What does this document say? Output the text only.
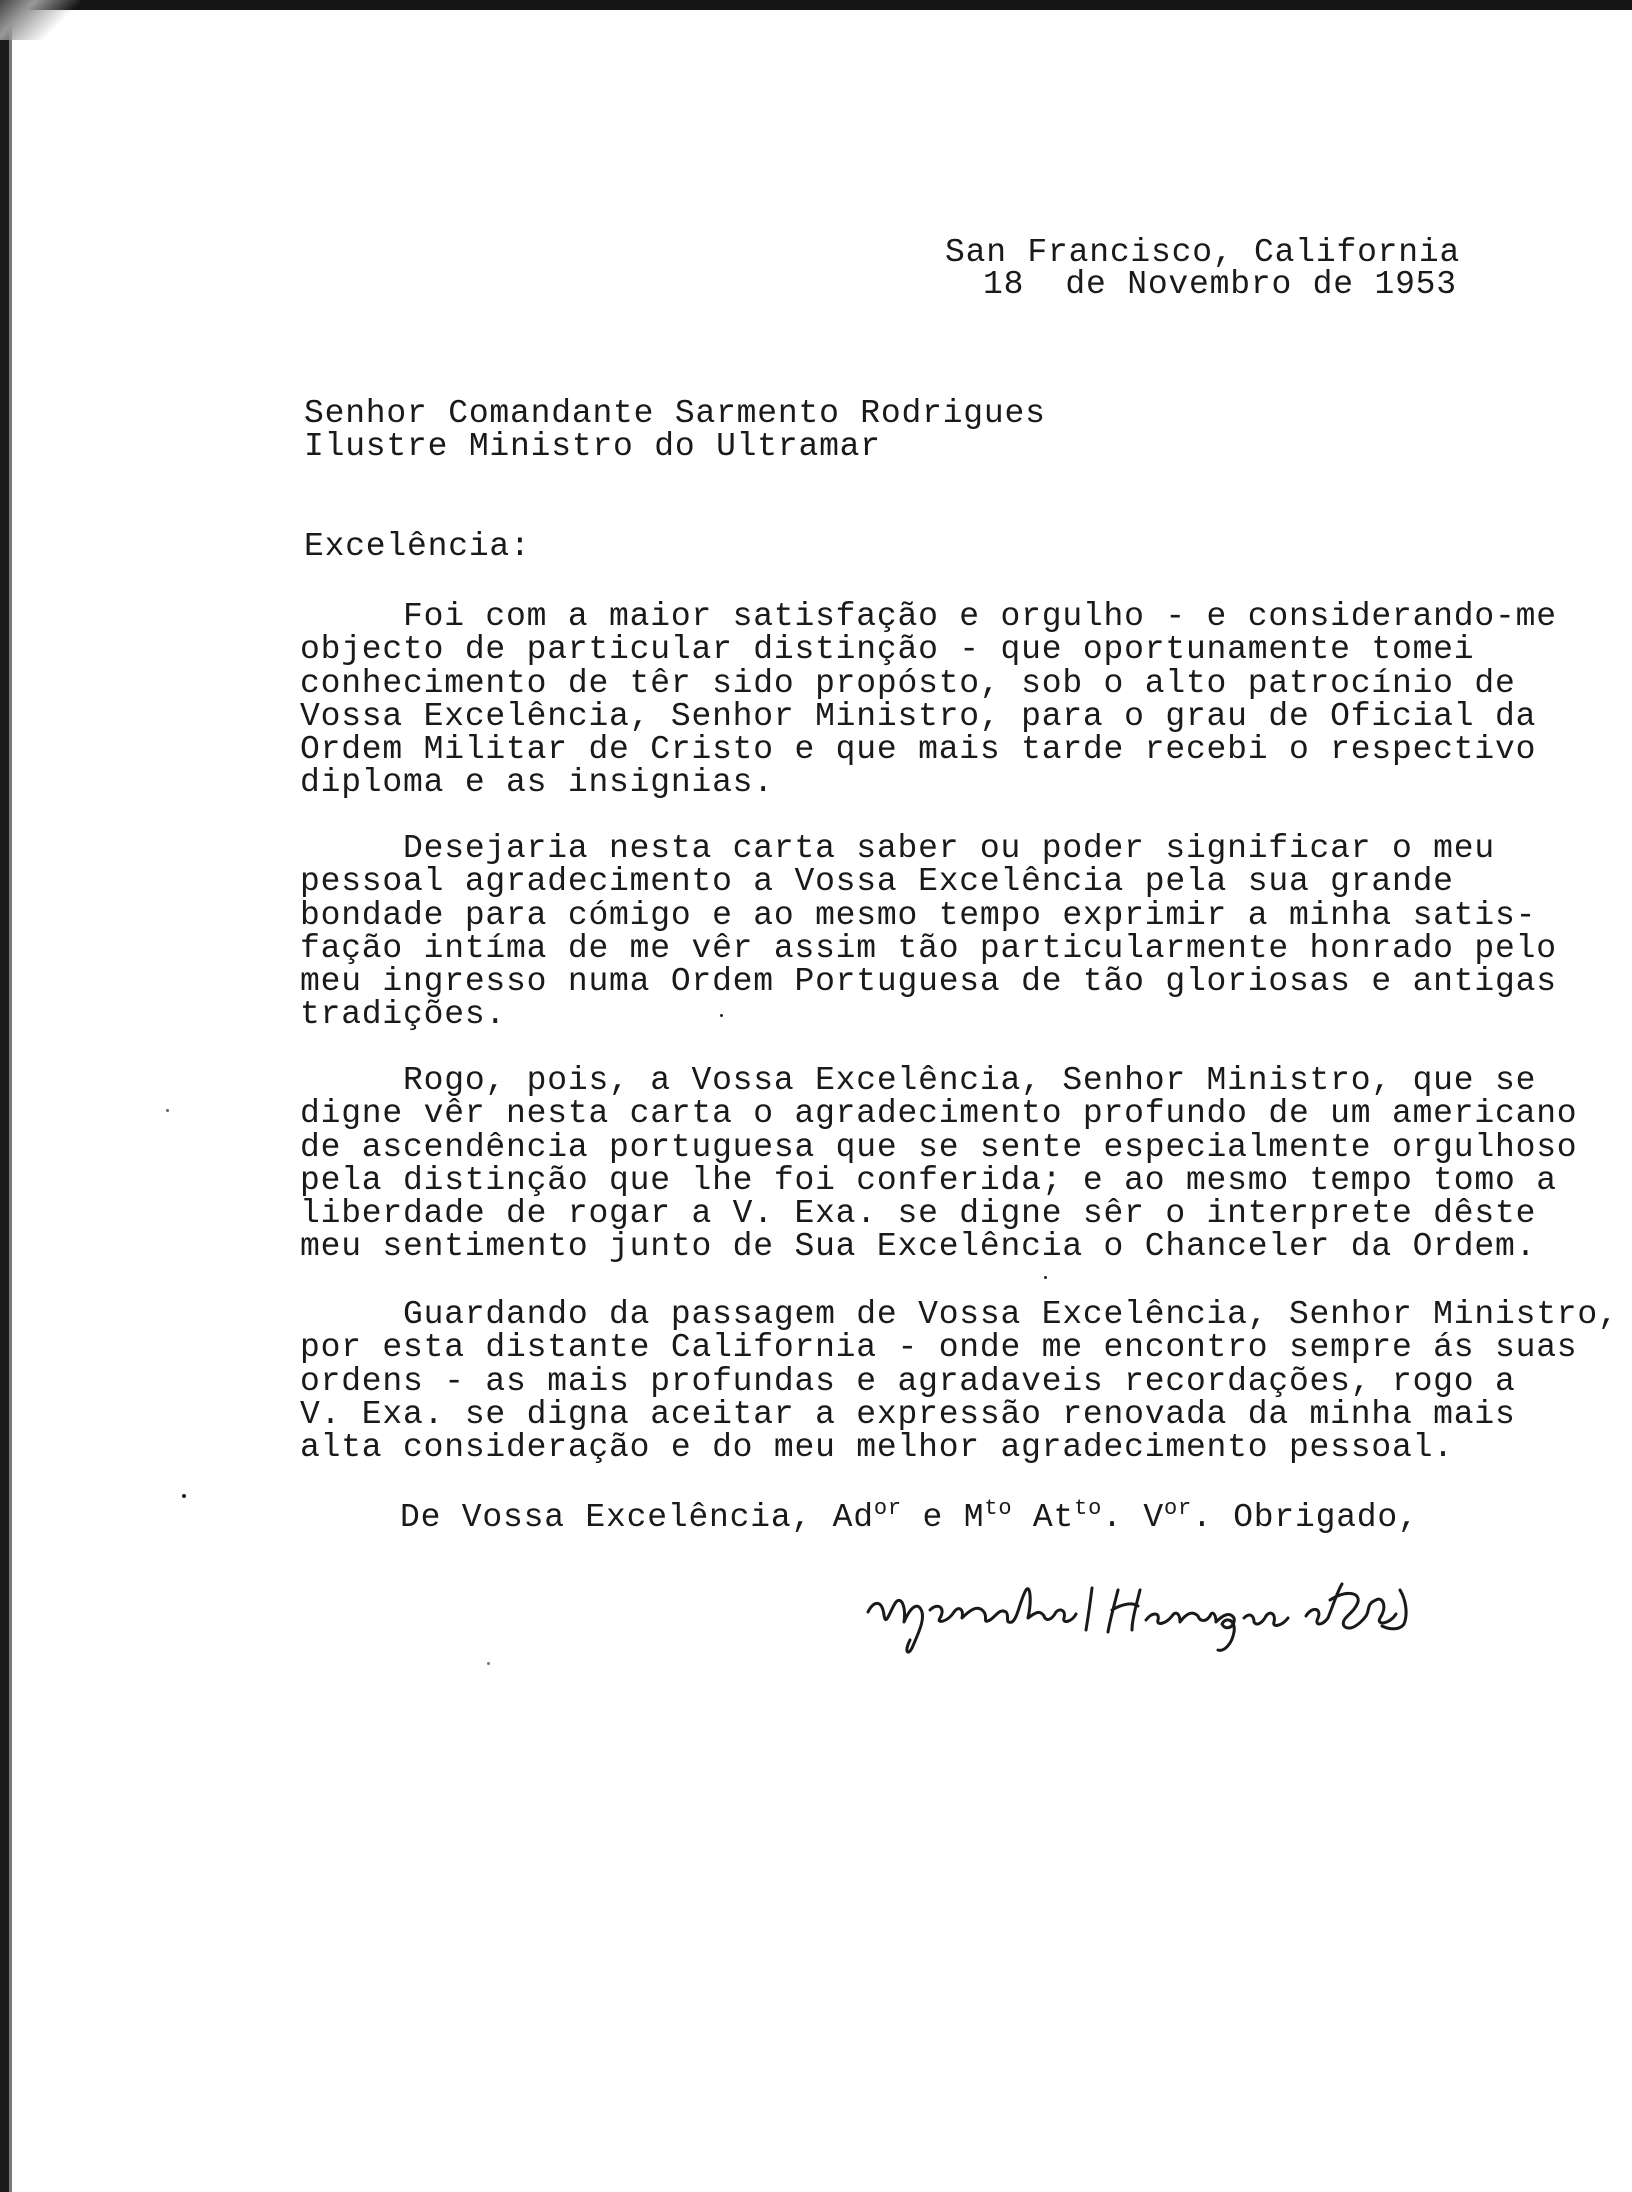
San Francisco, California
18  de Novembro de 1953
Senhor Comandante Sarmento Rodrigues
Ilustre Ministro do Ultramar
Excelência:
Foi com a maior satisfação e orgulho - e considerando-me
objecto de particular distinção - que oportunamente tomei
conhecimento de têr sido propósto, sob o alto patrocínio de
Vossa Excelência, Senhor Ministro, para o grau de Oficial da
Ordem Militar de Cristo e que mais tarde recebi o respectivo
diploma e as insignias.
Desejaria nesta carta saber ou poder significar o meu
pessoal agradecimento a Vossa Excelência pela sua grande
bondade para cómigo e ao mesmo tempo exprimir a minha satis-
fação intíma de me vêr assim tão particularmente honrado pelo
meu ingresso numa Ordem Portuguesa de tão gloriosas e antigas
tradições.
Rogo, pois, a Vossa Excelência, Senhor Ministro, que se
digne vêr nesta carta o agradecimento profundo de um americano
de ascendência portuguesa que se sente especialmente orgulhoso
pela distinção que lhe foi conferida; e ao mesmo tempo tomo a
liberdade de rogar a V. Exa. se digne sêr o interprete dêste
meu sentimento junto de Sua Excelência o Chanceler da Ordem.
Guardando da passagem de Vossa Excelência, Senhor Ministro,
por esta distante California - onde me encontro sempre ás suas
ordens - as mais profundas e agradaveis recordações, rogo a
V. Exa. se digna aceitar a expressão renovada da minha mais
alta consideração e do meu melhor agradecimento pessoal.
De Vossa Excelência, $Ad^{or}$ e $M^{to}$ $At^{to}$. $V^{or}$. Obrigado,
